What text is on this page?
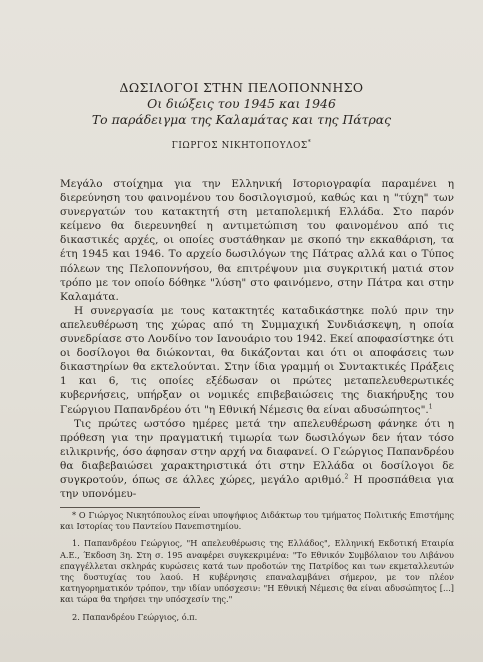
ΔΩΣΙΛΟΓΟΙ ΣΤΗΝ ΠΕΛΟΠΟΝΝΗΣΟ

Οι διώξεις του 1945 και 1946

Το παράδειγμα της Καλαμάτας και της Πάτρας

ΓΙΩΡΓΟΣ ΝΙΚΗΤΟΠΟΥΛΟΣ*

Μεγάλο στοίχημα για την Ελληνική Ιστοριογραφία παραμένει η διερεύνηση του φαινομένου του δοσιλογισμού, καθώς και η "τύχη" των συνεργατών του κατακτητή στη μεταπολεμική Ελλάδα. Στο παρόν κείμενο θα διερευνηθεί η αντιμετώπιση του φαινομένου από τις δικαστικές αρχές, οι οποίες συστάθηκαν με σκοπό την εκκαθάριση, τα έτη 1945 και 1946. Το αρχείο δωσιλόγων της Πάτρας αλλά και ο Τύπος πόλεων της Πελοποννήσου, θα επιτρέψουν μια συγκριτική ματιά στον τρόπο με τον οποίο δόθηκε "λύση" στο φαινόμενο, στην Πάτρα και στην Καλαμάτα.

Η συνεργασία με τους κατακτητές καταδικάστηκε πολύ πριν την απελευθέρωση της χώρας από τη Συμμαχική Συνδιάσκεψη, η οποία συνεδρίασε στο Λονδίνο τον Ιανουάριο του 1942. Εκεί αποφασίστηκε ότι οι δοσίλογοι θα διώκονται, θα δικάζονται και ότι οι αποφάσεις των δικαστηρίων θα εκτελούνται. Στην ίδια γραμμή οι Συντακτικές Πράξεις 1 και 6, τις οποίες εξέδωσαν οι πρώτες μεταπελευθερωτικές κυβερνήσεις, υπήρξαν οι νομικές επιβεβαιώσεις της διακήρυξης του Γεώργιου Παπανδρέου ότι "η Εθνική Νέμεσις θα είναι αδυσώπητος".$^1$

Τις πρώτες ωστόσο ημέρες μετά την απελευθέρωση φάνηκε ότι η πρόθεση για την πραγματική τιμωρία των δωσιλόγων δεν ήταν τόσο ειλικρινής, όσο άφησαν στην αρχή να διαφανεί. Ο Γεώργιος Παπανδρέου θα διαβεβαιώσει χαρακτηριστικά ότι στην Ελλάδα οι δοσίλογοι δε συγκροτούν, όπως σε άλλες χώρες, μεγάλο αριθμό.$^2$ Η προσπάθεια για την υπονόμευ-

* Ο Γιώργος Νικητόπουλος είναι υποψήφιος Διδάκτωρ του τμήματος Πολιτικής Επιστήμης και Ιστορίας του Παντείου Πανεπιστημίου.

1. Παπανδρέου Γεώργιος, "Η απελευθέρωσις της Ελλάδος", Ελληνική Εκδοτική Εταιρία Α.Ε., Έκδοση 3η. Στη σ. 195 αναφέρει συγκεκριμένα: "Το Εθνικόν Συμβόλαιον του Λιβάνου επαγγέλλεται σκληράς κυρώσεις κατά των προδοτών της Πατρίδος και των εκμεταλλευτών της δυστυχίας του λαού. Η κυβέρνησις επαναλαμβάνει σήμερον, με τον πλέον κατηγορηματικόν τρόπον, την ιδίαν υπόσχεσιν: "Η Εθνική Νέμεσις θα είναι αδυσώπητος [...] και τώρα θα τηρήσει την υπόσχεσίν της."

2. Παπανδρέου Γεώργιος, ό.π.
